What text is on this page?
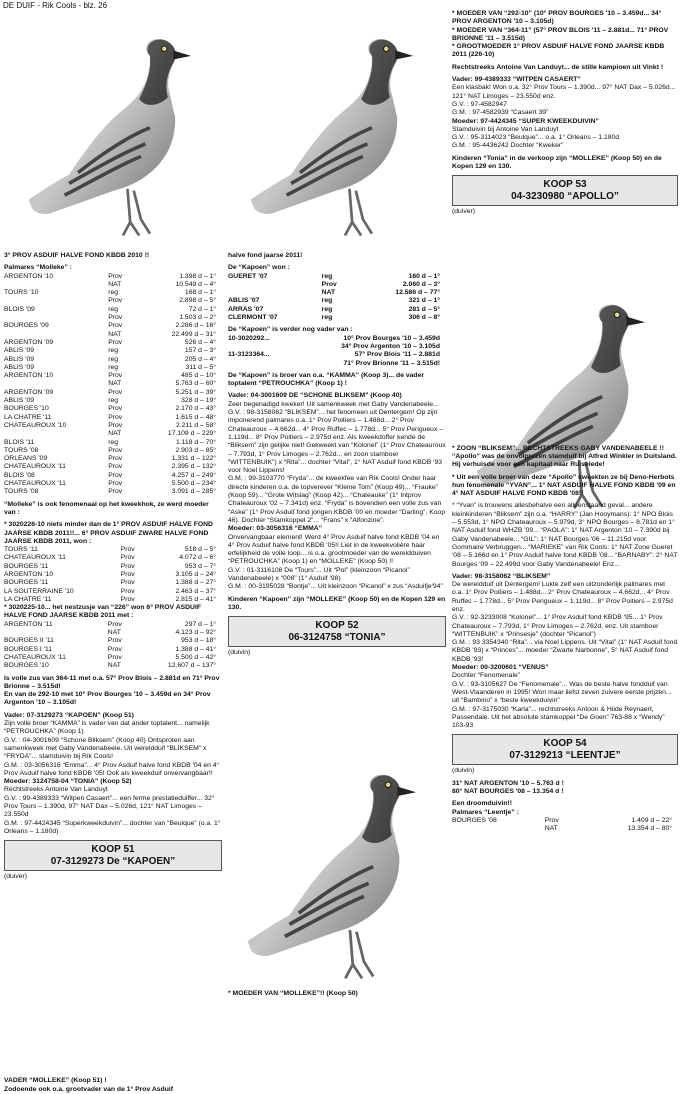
DE DUIF - Rik Cools - blz. 26
3° PROV ASDUIF HALVE FOND KBDB 2010 !!
Palmares “Molleke” :
ARGENTON '10	Prov	1.398 d – 1°
	NAT	10.549 d – 4°
TOURS '10	reg	168 d – 1°
	Prov	2.898 d – 5°
BLOIS '09	reg	72 d – 1°
	Prov	1.503 d – 2°
BOURGES '09	Prov	2.286 d – 16°
	NAT	22.499 d – 31°
ARGENTON '09	Prov	526 d – 4°
ABLIS '09	reg	157 d – 3°
ABLIS '09	reg	205 d – 4°
ABLIS '09	reg	311 d – 5°
ARGENTON '10	Prov	485 d – 10°
	NAT	5.763 d – 60°
ARGENTON '09	Prov	5.251 d – 39°
ABLIS '09	reg	328 d – 19°
BOURGES '10	Prov	2.170 d – 43°
LA CHATRE '11	Prov	1.615 d – 48°
CHATEAUROUX '10	Prov	2.211 d – 58°
	NAT	17.109 d – 229°
BLOIS '11	reg	1.118 d – 70°
TOURS '08	Prov	2.903 d – 85°
ORLEANS '09	Prov	1.331 d – 122°
CHATEAUROUX '11	Prov	2.395 d – 132°
BLOIS '08	Prov	4.257 d – 249°
CHATEAUROUX '11	Prov	5.500 d – 234°
TOURS '08	Prov	3.091 d – 285°
“Molleke” is ook fenomenaal op het kweekhok, ze werd moeder van :
* 3020226-10 niets minder dan de 1° PROV ASDUIF HALVE FOND JAARSE KBDB 2011!!... 6° PROV ASDUIF ZWARE HALVE FOND JAARSE KBDB 2011, won :
TOURS '11	Prov	518 d – 5°
CHATEAUROUX '11	Prov	4.072 d – 6°
BOURGES '11	Prov	953 d – 7°
ARGENTON '10	Prov	3.105 d – 24°
BOURGES '11	Prov	1.388 d – 27°
LA SOUTERRAINE '10	Prov	2.463 d – 37°
LA CHATRE '11	Prov	2.815 d – 41°
* 3020225-10... het nestzusje van “226” won 6° PROV ASDUIF HALVE FOND JAARSE KBDB 2011 met :
ARGENTON '11	Prov	297 d – 1°
	NAT	4.123 d – 92°
BOURGES II '11	Prov	953 d – 18°
BOURGES I '11	Prov	1.388 d – 41°
CHATEAUROUX '11	Prov	5.500 d – 42°
BOURGES '10	NAT	12.607 d – 137°
Is volle zus van 364-11 met o.a. 57° Prov Blois – 2.881d en 71° Prov Brionne – 3.515d!
En van de 292-10 met 10° Prov Bourges '10 – 3.459d en 34° Prov Argenton '10 – 3.105d!
Vader: 07-3129273 “KAPOEN” (Koop 51)
Zijn volle broer “KAMMA” is vader van dat ander toptalent... namelijk “PETROUCHKA” (Koop 1)
G.V. : 04-3001609 “Schone Bliksem” (Koop 40) Ontsproten aan samenkweek met Gaby Vandenabeele. Uit wereldduif “BLIKSEM” x “FRYDA”... stamduivin bij Rik Cools!
G.M. : 03-3056316 “Emma”... 4° Prov Asduif halve fond KBDB '04 en 4° Prov Asduif halve fond KBDB '05! Ook als kweekduif onvervangbaar!!
Moeder: 3124758-04 “TONIA” (Koop 52)
Rechtstreeks Antoine Van Landuyt
G.V. : 99-4389333 “Witpen Casaert”... een ferme prestatieduiffer... 32° Prov Tours – 1.390d, 97° NAT Dax – 5.026d, 121° NAT Limoges – 23.550d
G.M. : 97-4424345 “Superkweekduivin”... dochter van “Beulque” (o.a. 1° Orleans – 1.180d)
KOOP 51
07-3129273 De “KAPOEN”
(duiver)
VADER “MOLLEKE” (Koop 51) !
Zodoende ook o.a. grootvader van de 1° Prov Asduif
halve fond jaarse 2011!
De “Kapoen” won :
GUERET '07	reg	160 d – 1°
	Prov	2.060 d – 3°
	NAT	12.586 d – 77°
ABLIS '07	reg	321 d – 1°
ARRAS '07	reg	281 d – 5°
CLERMONT '07	reg	306 d – 8°
De “Kapoen” is verder nog vader van :
10-3020292...	10° Prov Bourges '10 – 3.459d
	34° Prov Argenton '10 – 3.105d
11-3123364...	57° Prov Blois '11 – 2.881d
	71° Prov Brionne '11 – 3.515d!
De “Kapoen” is broer van o.a. “KAMMA” (Koop 3)... de vader toptalent “PETROUCHKA” (Koop 1) !
Vader: 04-3001609 DE “SCHONE BLIKSEM” (Koop 40)
Zeer begenadigd kweker! Uit samenkweek met Gaby Vandenabeele...
G.V. : 98-3158062 “BLIKSEM”... het fenomeen uit Dentergem! Op zijn imponerend palmares o.a. 1° Prov Poitiers – 1.488d... 2° Prov Chateauroux – 4.662d... 4° Prov Ruffec – 1.778d... 5° Prov Perigueux – 1.119d... 8° Prov Poitiers – 2.975d enz. Als kweekdoffer kende de “Bliksem” zijn gelijke niet! Gekweekt van “Kolonel” (1° Prov Chateauroux – 7.793d, 1° Prov Limoges – 2.762d... en zoon stamboer “WITTENBUIK”) x “Rita”... dochter “Vital”, 1° NAT Asduif fond KBDB '93 voor Noel Lippens!
G.M. : 99-3103770 “Fryda”... de kweekfee van Rik Cools! Onder haar directe kinderen o.a. de topverever “Kleine Tom” (Koop 49)... “Frauke” (Koop 59)... “Grote Witslag” (Koop 42)... “Chateauke” (1° Intprov Chateauroux '02 – 7.341d) enz. “Fryda” is bovendien een volle zus van “Aske” (1° Prov Asduif fond jongen KBDB '00 en moeder “Darling”, Koop 46). Dochter “Stamkoppel 2”... “Frans” x “Alfonzine”.
Moeder: 03-3056316 “EMMA”
Onvervangbaar element! Werd 4° Prov Asduif halve fond KBDB '04 en 4° Prov Asduif halve fond KBDB '05!! Liet in de kweekvolière haar erfelijkheid de volle loop... is o.a. grootmoeder van de wereldduiven “PETROUCHKA” (Koop 1) en “MOLLEKE” (Koop 50) !!
G.V. : 01-3116108 De “Tours”... Uit “Pol” (kleinzoon “Picanol” Vandenabeele) x “008” (1° Asduif '98)
G.M. : 00-3195028 “Bontje”... Uit kleinzoon “Picanol” x zus “Asduifje'94”
Kinderen “Kapoen” zijn “MOLLEKE” (Koop 50) en de Kopen 129 en 130.
KOOP 52
06-3124758 “TONIA”
(duivin)
* MOEDER VAN “MOLLEKE”!! (Koop 50)
* MOEDER VAN “292-10” (10° PROV BOURGES '10 – 3.459d... 34° PROV ARGENTON '10 – 3.105d)
* MOEDER VAN “364-11” (57° PROV BLOIS '11 – 2.881d... 71° PROV BRIONNE '11 – 3.515d)
* GROOTMOEDER 1° PROV ASDUIF HALVE FOND JAARSE KBDB 2011 (226-10)
Rechtstreeks Antoine Van Landuyt... de stille kampioen uit Vinkt !
Vader: 99-4389333 “WITPEN CASAERT”
Een klasbak! Won o.a. 32° Prov Tours – 1.390d... 97° NAT Dax – 5.026d... 121° NAT Limoges – 23.550d enz.
G.V. : 97-4582947
G.M. : 97-4582939 “Casaert 39”
Moeder: 97-4424345 “SUPER KWEEKDUIVIN”
Stamduivin bij Antoine Van Landuyt
G.V. : 95-3114023 “Beulque”... o.a. 1° Orleans – 1.180d
G.M. : 95-4436242 Dochter “Kweker”
Kinderen “Tonia” in de verkoop zijn “MOLLEKE” (Koop 50) en de Kopen 129 en 130.
KOOP 53
04-3230980 “APOLLO”
(duiver)
* ZOON “BLIKSEM”... RECHTSTREEKS GABY VANDENABEELE !! “Apollo” was de onvolprezen stamduif bij Alfred Winkler in Duitsland. Hij verhuisde voor een kapitaal naar Ruiselede!
* Uit een volle broer van deze “Apollo” kweekten ze bij Deno-Herbots hun fenomenale “YVAN”... 1° NAT ASDUIF HALVE FOND KBDB '09 en 4° NAT ASDUIF HALVE FOND KBDB '08!!
* “Yvan” is trouwens allesbehalve een alleenstaand geval... andere kleinkinderen “Bliksem” zijn o.a. “HARRY” (Jan Hooymans): 1° NPO Blois – 5.553d, 1° NPO Chateauroux – 5.979d, 3° NPO Bourges – 8.781d en 1° NAT Asduif fond WHZB '09... “PAOLA”: 1° NAT Argenton '10 – 7.390d bij Gaby Vandenabeele... “GIL”: 1° NAT Bourges '06 – 11.215d voor Gommaire Verbruggen... “MARIEKE” van Rik Cools: 1° NAT Zone Gueret '08 – 5.166d en 1° Prov Asduif halve fond KBDB '08... “BARNABY”: 2° NAT Bourges '09 – 22.499d voor Gaby Vandenabeele! Enz...
Vader: 98-3158062 “BLIKSEM”
De wereldduif uit Dentergem! Lukte zelf een uitzonderlijk palmares met o.a. 1° Prov Poitiers – 1.488d... 2° Prov Chateauroux – 4.662d... 4° Prov Ruffec – 1.778d... 5° Prov Perigueux – 1.119d... 8° Prov Poitiers – 2.975d enz.
G.V. : 92-3233008 “Kolonel”... 1° Prov Asduif fond KBDB '95... 1° Prov Chateauroux – 7.793d, 1° Prov Limoges – 2.762d, enz. Uit stamboer “WITTENBUIK” x “Prinsesje” (dochter “Picanol”)
G.M. : 93 3354340 “Rita”... via Noel Lippens. Uit “Vital” (1° NAT Asduif fond KBDB '93) x “Princes”... moeder “Zwarte Narbonne”, 5° NAT Asduif fond KBDB '93!
Moeder: 00-3200601 “VENUS”
Dochter “Fenomenale”
G.V. : 93-3105627 De “Fenomenale”... Was de beste halve fondduif van West-Vlaanderen in 1995! Won maar liefst zeven zuivere eerste prijzen... uit “Bambino” x “beste kweekduivin”
G.M. : 97-3175030 “Karla”... rechtstreeks Antoon & Hilde Reynaert, Passendale. Uit het absolute stamkoppel “De Goen” 763-88 x “Wendy” 103-93
KOOP 54
07-3129213 “LEENTJE”
(duivin)
31° NAT ARGENTON '10 – 5.763 d !
80° NAT BOURGES '08 – 13.354 d !
Een droomduivin!!
Palmares “Leentje” :
BOURGES '08	Prov	1.409 d – 22°
	NAT	13.354 d – 80°
